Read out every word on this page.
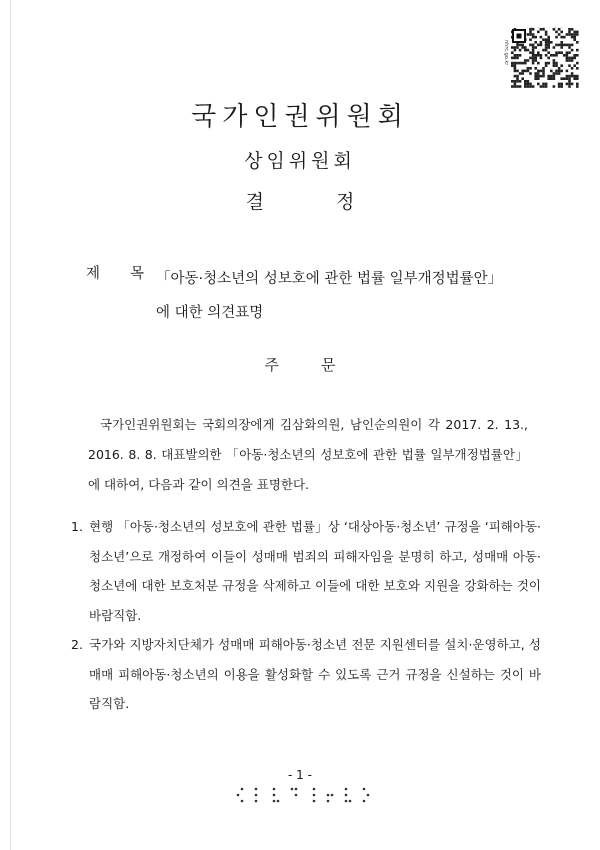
nhrc.go.kr
국가인권위원회
상임위원회
결	정
제 목 「아동·청소년의 성보호에 관한 법률 일부개정법률안」
에 대한 의견표명
주	문
국가인권위원회는 국회의장에게 김삼화의원, 남인순의원이 각 2017. 2. 13., 2016. 8. 8. 대표발의한 「아동·청소년의 성보호에 관한 법률 일부개정법률안」에 대하여, 다음과 같이 의견을 표명한다.
1. 현행 「아동·청소년의 성보호에 관한 법률」상 ‘대상아동·청소년’ 규정을 ‘피해아동·청소년’으로 개정하여 이들이 성매매 범죄의 피해자임을 분명히 하고, 성매매 아동·청소년에 대한 보호처분 규정을 삭제하고 이들에 대한 보호와 지원을 강화하는 것이 바람직함.
2. 국가와 지방자치단체가 성매매 피해아동·청소년 전문 지원센터를 설치·운영하고, 성매매 피해아동·청소년의 이용을 활성화할 수 있도록 근거 규정을 신설하는 것이 바람직함.
- 1 -
